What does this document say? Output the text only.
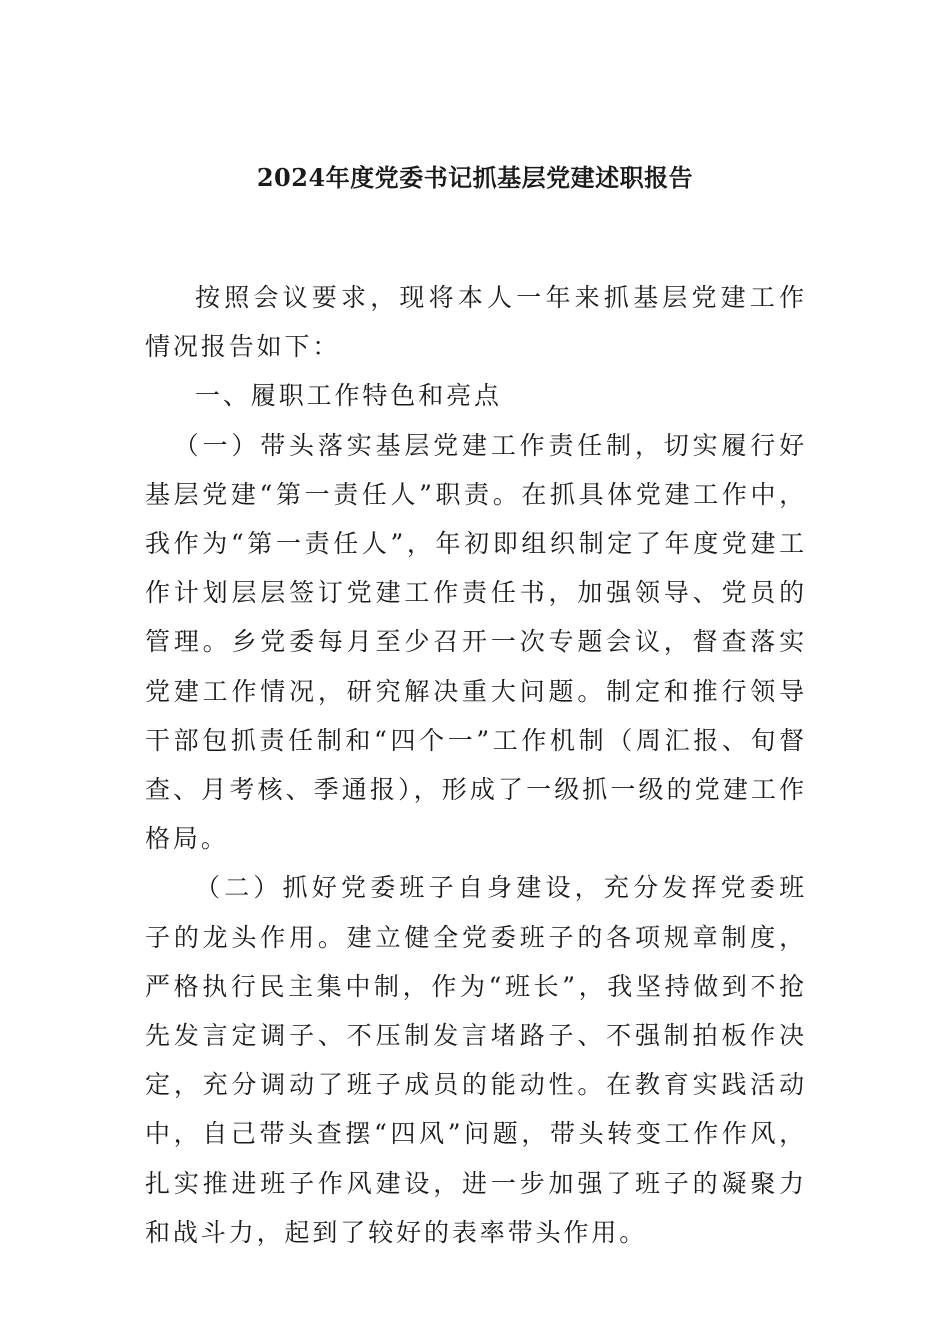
2024年度党委书记抓基层党建述职报告

按照会议要求，现将本人一年来抓基层党建工作情况报告如下：

一、履职工作特色和亮点

（一）带头落实基层党建工作责任制，切实履行好基层党建“第一责任人”职责。在抓具体党建工作中，我作为“第一责任人”，年初即组织制定了年度党建工作计划层层签订党建工作责任书，加强领导、党员的管理。乡党委每月至少召开一次专题会议，督查落实党建工作情况，研究解决重大问题。制定和推行领导干部包抓责任制和“四个一”工作机制（周汇报、旬督查、月考核、季通报），形成了一级抓一级的党建工作格局。

（二）抓好党委班子自身建设，充分发挥党委班子的龙头作用。建立健全党委班子的各项规章制度，严格执行民主集中制，作为“班长”，我坚持做到不抢先发言定调子、不压制发言堵路子、不强制拍板作决定，充分调动了班子成员的能动性。在教育实践活动中，自己带头查摆“四风”问题，带头转变工作作风，扎实推进班子作风建设，进一步加强了班子的凝聚力和战斗力，起到了较好的表率带头作用。
